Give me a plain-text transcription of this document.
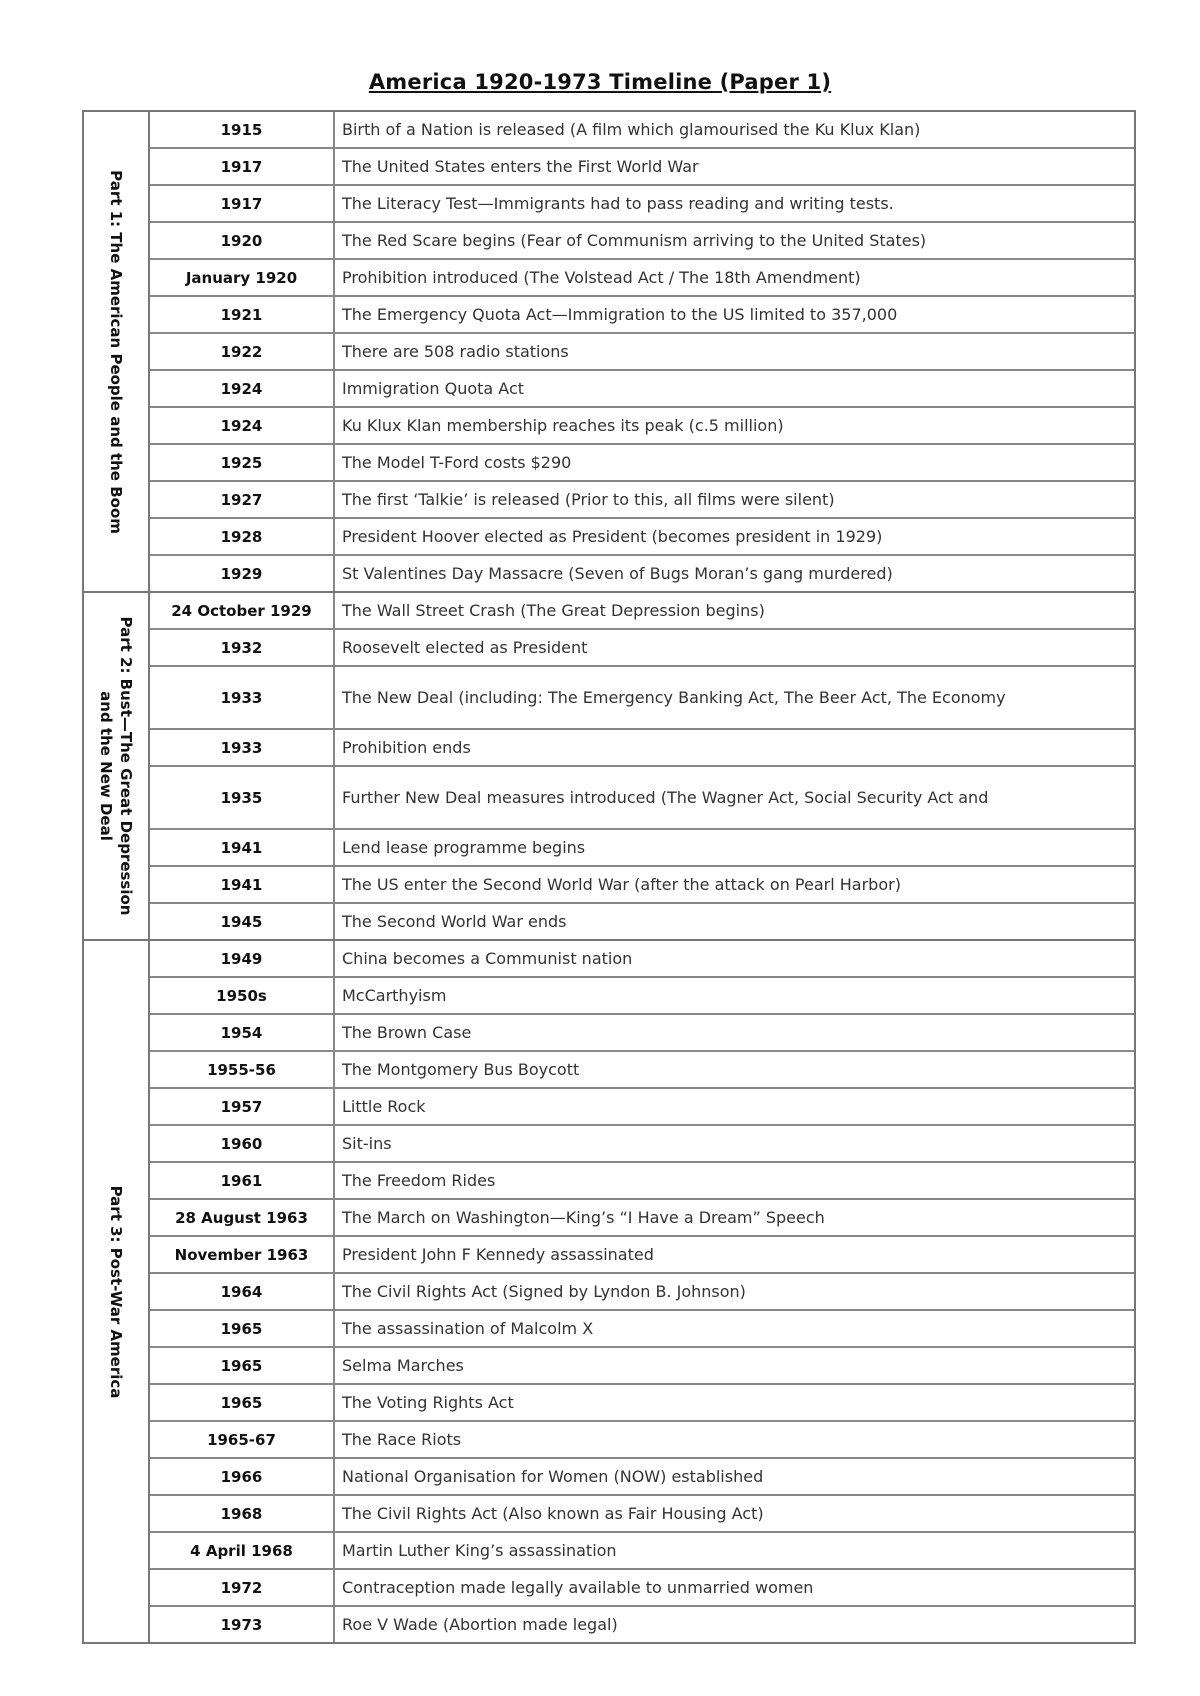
America 1920-1973 Timeline (Paper 1)
Part 1: The American People and the Boom
1915	Birth of a Nation is released (A film which glamourised the Ku Klux Klan)
1917	The United States enters the First World War
1917	The Literacy Test—Immigrants had to pass reading and writing tests.
1920	The Red Scare begins (Fear of Communism arriving to the United States)
January 1920	Prohibition introduced (The Volstead Act / The 18th Amendment)
1921	The Emergency Quota Act—Immigration to the US limited to 357,000
1922	There are 508 radio stations
1924	Immigration Quota Act
1924	Ku Klux Klan membership reaches its peak (c.5 million)
1925	The Model T-Ford costs $290
1927	The first ‘Talkie’ is released (Prior to this, all films were silent)
1928	President Hoover elected as President (becomes president in 1929)
1929	St Valentines Day Massacre (Seven of Bugs Moran’s gang murdered)
Part 2: Bust—The Great Depression and the New Deal
24 October 1929	The Wall Street Crash (The Great Depression begins)
1932	Roosevelt elected as President
1933	The New Deal (including: The Emergency Banking Act, The Beer Act, The Economy
1933	Prohibition ends
1935	Further New Deal measures introduced (The Wagner Act, Social Security Act and
1941	Lend lease programme begins
1941	The US enter the Second World War (after the attack on Pearl Harbor)
1945	The Second World War ends
Part 3: Post-War America
1949	China becomes a Communist nation
1950s	McCarthyism
1954	The Brown Case
1955-56	The Montgomery Bus Boycott
1957	Little Rock
1960	Sit-ins
1961	The Freedom Rides
28 August 1963	The March on Washington—King’s “I Have a Dream” Speech
November 1963	President John F Kennedy assassinated
1964	The Civil Rights Act (Signed by Lyndon B. Johnson)
1965	The assassination of Malcolm X
1965	Selma Marches
1965	The Voting Rights Act
1965-67	The Race Riots
1966	National Organisation for Women (NOW) established
1968	The Civil Rights Act (Also known as Fair Housing Act)
4 April 1968	Martin Luther King’s assassination
1972	Contraception made legally available to unmarried women
1973	Roe V Wade (Abortion made legal)
